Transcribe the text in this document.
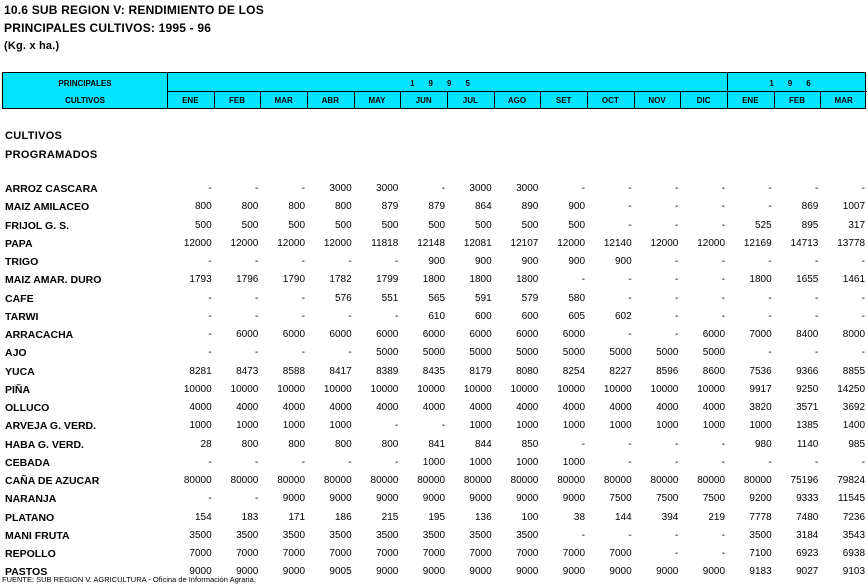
10.6 SUB REGION V: RENDIMIENTO DE LOS
PRINCIPALES CULTIVOS: 1995 - 96
(Kg. x ha.)
PRINCIPALES
CULTIVOS
1995	196
ENE	FEB	MAR	ABR	MAY	JUN	JUL	AGO	SET	OCT	NOV	DIC	ENE	FEB	MAR
CULTIVOS
PROGRAMADOS
ARROZ CASCARA	-	-	- 3000 3000	- 3000 3000	-	-	-	-	-	-	-
MAIZ AMILACEO	800	800	800	800	879	879	864	890	900	-	-	-	-	869 1007
FRIJOL G. S.	500	500	500	500	500	500	500	500	500	-	-	-	525	895	317
PAPA	12000 12000 12000 12000 11818 12148 12081 12107 12000 12140 12000 12000 12169 14713 13778
TRIGO	-	-	-	-	-	900	900	900	900	900	-	-	-	-	-
MAIZ AMAR. DURO	1793 1796 1790 1782 1799 1800 1800 1800	-	-	-	- 1800 1655 1461
CAFE	-	-	-	576	551	565	591	579	580	-	-	-	-	-	-
TARWI	-	-	-	-	-	610	600	600	605	602	-	-	-	-	-
ARRACACHA	- 6000 6000 6000 6000 6000 6000 6000 6000	-	- 6000 7000 8400 8000
AJO	-	-	-	- 5000 5000 5000 5000 5000 5000 5000 5000	-	-	-
YUCA	8281 8473 8588 8417 8389 8435 8179 8080 8254 8227 8596 8600 7536 9366 8855
PIÑA	10000 10000 10000 10000 10000 10000 10000 10000 10000 10000 10000 10000 9917 9250 14250
OLLUCO	4000 4000 4000 4000 4000 4000 4000 4000 4000 4000 4000 4000 3820 3571 3692
ARVEJA G. VERD.	1000 1000 1000 1000	-	- 1000 1000 1000 1000 1000 1000 1000 1385 1400
HABA G. VERD.	28	800	800	800	800	841	844	850	-	-	-	-	980	1140	985
CEBADA	-	-	-	-	- 1000 1000 1000 1000	-	-	-	-	-	-
CAÑA DE AZUCAR	80000 80000 80000 80000 80000 80000 80000 80000 80000 80000 80000 80000 80000 75196 79824
NARANJA	-	- 9000 9000 9000 9000 9000 9000 9000 7500 7500 7500 9200 9333 11545
PLATANO	154	183	171	186	215	195	136	100	38	144	394	219 7778 7480 7236
MANI FRUTA	3500 3500 3500 3500 3500 3500 3500 3500	-	-	-	- 3500 3184 3543
REPOLLO	7000 7000 7000 7000 7000 7000 7000 7000 7000 7000	-	- 7100 6923 6938
PASTOS	9000 9000 9000 9005 9000 9000 9000 9000 9000 9000 9000 9000 9183 9027 9103
FUENTE: SUB REGION V. AGRICULTURA - Oficina de Información Agraria.
